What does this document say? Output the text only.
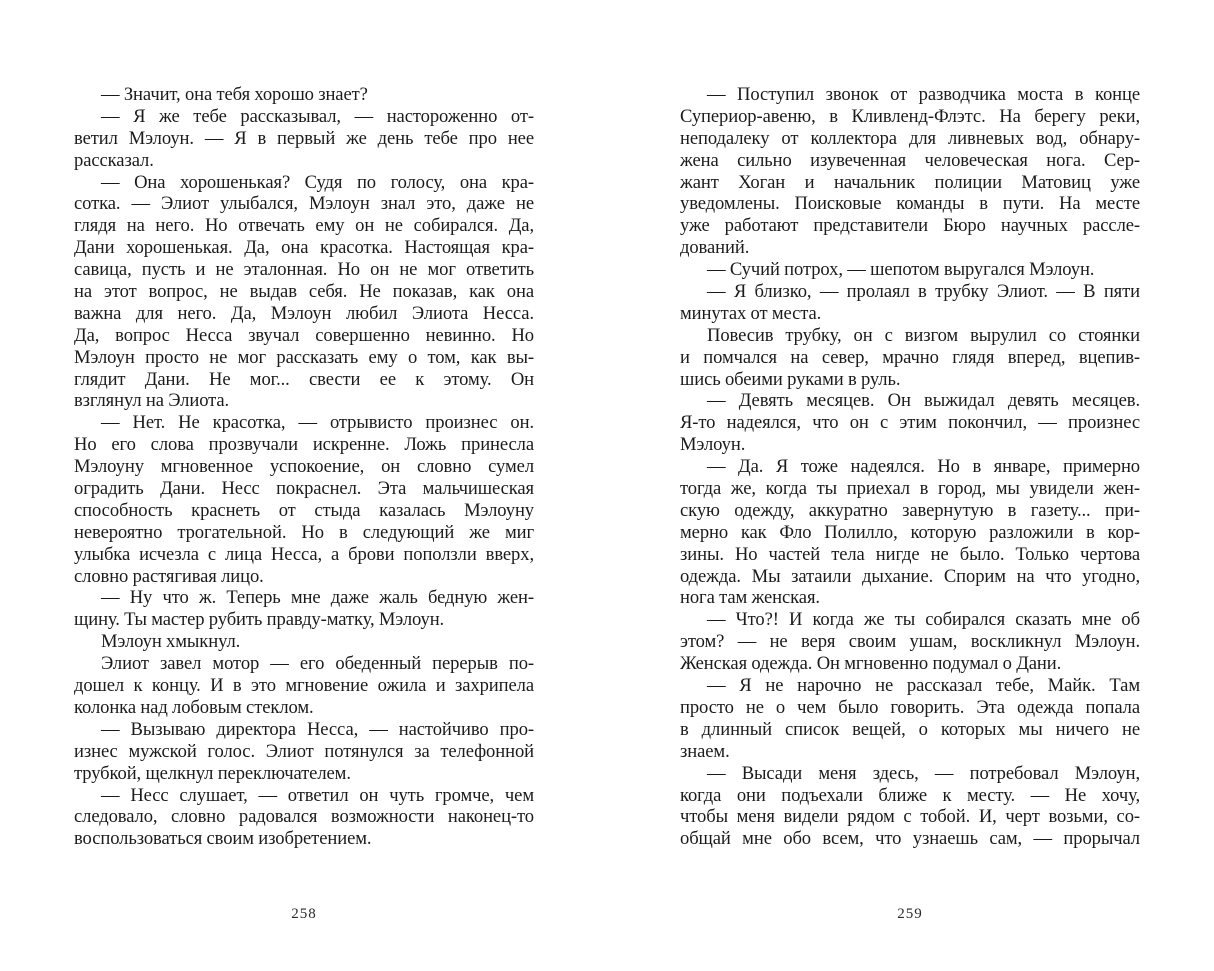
— Значит, она тебя хорошо знает?
— Я же тебе рассказывал, — настороженно от-
ветил Мэлоун. — Я в первый же день тебе про нее
рассказал.
— Она хорошенькая? Судя по голосу, она кра-
сотка. — Элиот улыбался, Мэлоун знал это, даже не
глядя на него. Но отвечать ему он не собирался. Да,
Дани хорошенькая. Да, она красотка. Настоящая кра-
савица, пусть и не эталонная. Но он не мог ответить
на этот вопрос, не выдав себя. Не показав, как она
важна для него. Да, Мэлоун любил Элиота Несса.
Да, вопрос Несса звучал совершенно невинно. Но
Мэлоун просто не мог рассказать ему о том, как вы-
глядит Дани. Не мог... свести ее к этому. Он
взглянул на Элиота.
— Нет. Не красотка, — отрывисто произнес он.
Но его слова прозвучали искренне. Ложь принесла
Мэлоуну мгновенное успокоение, он словно сумел
оградить Дани. Несс покраснел. Эта мальчишеская
способность краснеть от стыда казалась Мэлоуну
невероятно трогательной. Но в следующий же миг
улыбка исчезла с лица Несса, а брови поползли вверх,
словно растягивая лицо.
— Ну что ж. Теперь мне даже жаль бедную жен-
щину. Ты мастер рубить правду-матку, Мэлоун.
Мэлоун хмыкнул.
Элиот завел мотор — его обеденный перерыв по-
дошел к концу. И в это мгновение ожила и захрипела
колонка над лобовым стеклом.
— Вызываю директора Несса, — настойчиво про-
изнес мужской голос. Элиот потянулся за телефонной
трубкой, щелкнул переключателем.
— Несс слушает, — ответил он чуть громче, чем
следовало, словно радовался возможности наконец-то
воспользоваться своим изобретением.
258
— Поступил звонок от разводчика моста в конце
Супериор-авеню, в Кливленд-Флэтс. На берегу реки,
неподалеку от коллектора для ливневых вод, обнару-
жена сильно изувеченная человеческая нога. Сер-
жант Хоган и начальник полиции Матовиц уже
уведомлены. Поисковые команды в пути. На месте
уже работают представители Бюро научных рассле-
дований.
— Сучий потрох, — шепотом выругался Мэлоун.
— Я близко, — пролаял в трубку Элиот. — В пяти
минутах от места.
Повесив трубку, он с визгом вырулил со стоянки
и помчался на север, мрачно глядя вперед, вцепив-
шись обеими руками в руль.
— Девять месяцев. Он выжидал девять месяцев.
Я-то надеялся, что он с этим покончил, — произнес
Мэлоун.
— Да. Я тоже надеялся. Но в январе, примерно
тогда же, когда ты приехал в город, мы увидели жен-
скую одежду, аккуратно завернутую в газету... при-
мерно как Фло Полилло, которую разложили в кор-
зины. Но частей тела нигде не было. Только чертова
одежда. Мы затаили дыхание. Спорим на что угодно,
нога там женская.
— Что?! И когда же ты собирался сказать мне об
этом? — не веря своим ушам, воскликнул Мэлоун.
Женская одежда. Он мгновенно подумал о Дани.
— Я не нарочно не рассказал тебе, Майк. Там
просто не о чем было говорить. Эта одежда попала
в длинный список вещей, о которых мы ничего не
знаем.
— Высади меня здесь, — потребовал Мэлоун,
когда они подъехали ближе к месту. — Не хочу,
чтобы меня видели рядом с тобой. И, черт возьми, со-
общай мне обо всем, что узнаешь сам, — прорычал
259
